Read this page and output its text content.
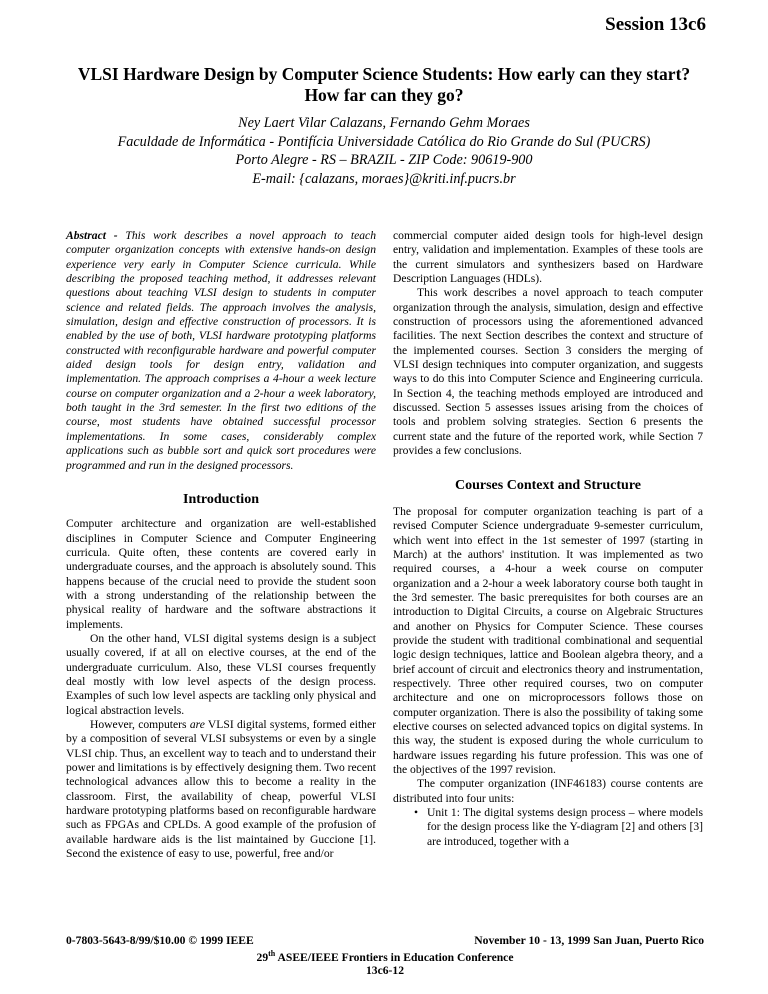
Session 13c6
VLSI Hardware Design by Computer Science Students: How early can they start?
How far can they go?
Ney Laert Vilar Calazans, Fernando Gehm Moraes
Faculdade de Informática - Pontifícia Universidade Católica do Rio Grande do Sul (PUCRS)
Porto Alegre - RS – BRAZIL - ZIP Code: 90619-900
E-mail: {calazans, moraes}@kriti.inf.pucrs.br

Abstract - This work describes a novel approach to teach computer organization concepts with extensive hands-on design experience very early in Computer Science curricula. While describing the proposed teaching method, it addresses relevant questions about teaching VLSI design to students in computer science and related fields. The approach involves the analysis, simulation, design and effective construction of processors. It is enabled by the use of both, VLSI hardware prototyping platforms constructed with reconfigurable hardware and powerful computer aided design tools for design entry, validation and implementation. The approach comprises a 4-hour a week lecture course on computer organization and a 2-hour a week laboratory, both taught in the 3rd semester. In the first two editions of the course, most students have obtained successful processor implementations. In some cases, considerably complex applications such as bubble sort and quick sort procedures were programmed and run in the designed processors.

Introduction

Computer architecture and organization are well-established disciplines in Computer Science and Computer Engineering curricula. Quite often, these contents are covered early in undergraduate courses, and the approach is absolutely sound. This happens because of the crucial need to provide the student soon with a strong understanding of the relationship between the physical reality of hardware and the software abstractions it implements.

On the other hand, VLSI digital systems design is a subject usually covered, if at all on elective courses, at the end of the undergraduate curriculum. Also, these VLSI courses frequently deal mostly with low level aspects of the design process. Examples of such low level aspects are tackling only physical and logical abstraction levels.

However, computers are VLSI digital systems, formed either by a composition of several VLSI subsystems or even by a single VLSI chip. Thus, an excellent way to teach and to understand their power and limitations is by effectively designing them. Two recent technological advances allow this to become a reality in the classroom. First, the availability of cheap, powerful VLSI hardware prototyping platforms based on reconfigurable hardware such as FPGAs and CPLDs. A good example of the profusion of available hardware aids is the list maintained by Guccione [1]. Second the existence of easy to use, powerful, free and/or

commercial computer aided design tools for high-level design entry, validation and implementation. Examples of these tools are the current simulators and synthesizers based on Hardware Description Languages (HDLs).

This work describes a novel approach to teach computer organization through the analysis, simulation, design and effective construction of processors using the aforementioned advanced facilities. The next Section describes the context and structure of the implemented courses. Section 3 considers the merging of VLSI design techniques into computer organization, and suggests ways to do this into Computer Science and Engineering curricula. In Section 4, the teaching methods employed are introduced and discussed. Section 5 assesses issues arising from the choices of tools and problem solving strategies. Section 6 presents the current state and the future of the reported work, while Section 7 provides a few conclusions.

Courses Context and Structure

The proposal for computer organization teaching is part of a revised Computer Science undergraduate 9-semester curriculum, which went into effect in the 1st semester of 1997 (starting in March) at the authors' institution. It was implemented as two required courses, a 4-hour a week course on computer organization and a 2-hour a week laboratory course both taught in the 3rd semester. The basic prerequisites for both courses are an introduction to Digital Circuits, a course on Algebraic Structures and another on Physics for Computer Science. These courses provide the student with traditional combinational and sequential logic design techniques, lattice and Boolean algebra theory, and a brief account of circuit and electronics theory and instrumentation, respectively. Three other required courses, two on computer architecture and one on microprocessors follows those on computer organization. There is also the possibility of taking some elective courses on selected advanced topics on digital systems. In this way, the student is exposed during the whole curriculum to hardware issues regarding his future profession. This was one of the objectives of the 1997 revision.

The computer organization (INF46183) course contents are distributed into four units:

• Unit 1: The digital systems design process – where models for the design process like the Y-diagram [2] and others [3] are introduced, together with a
0-7803-5643-8/99/$10.00 © 1999 IEEE	November 10 - 13, 1999 San Juan, Puerto Rico
29th ASEE/IEEE Frontiers in Education Conference
13c6-12
